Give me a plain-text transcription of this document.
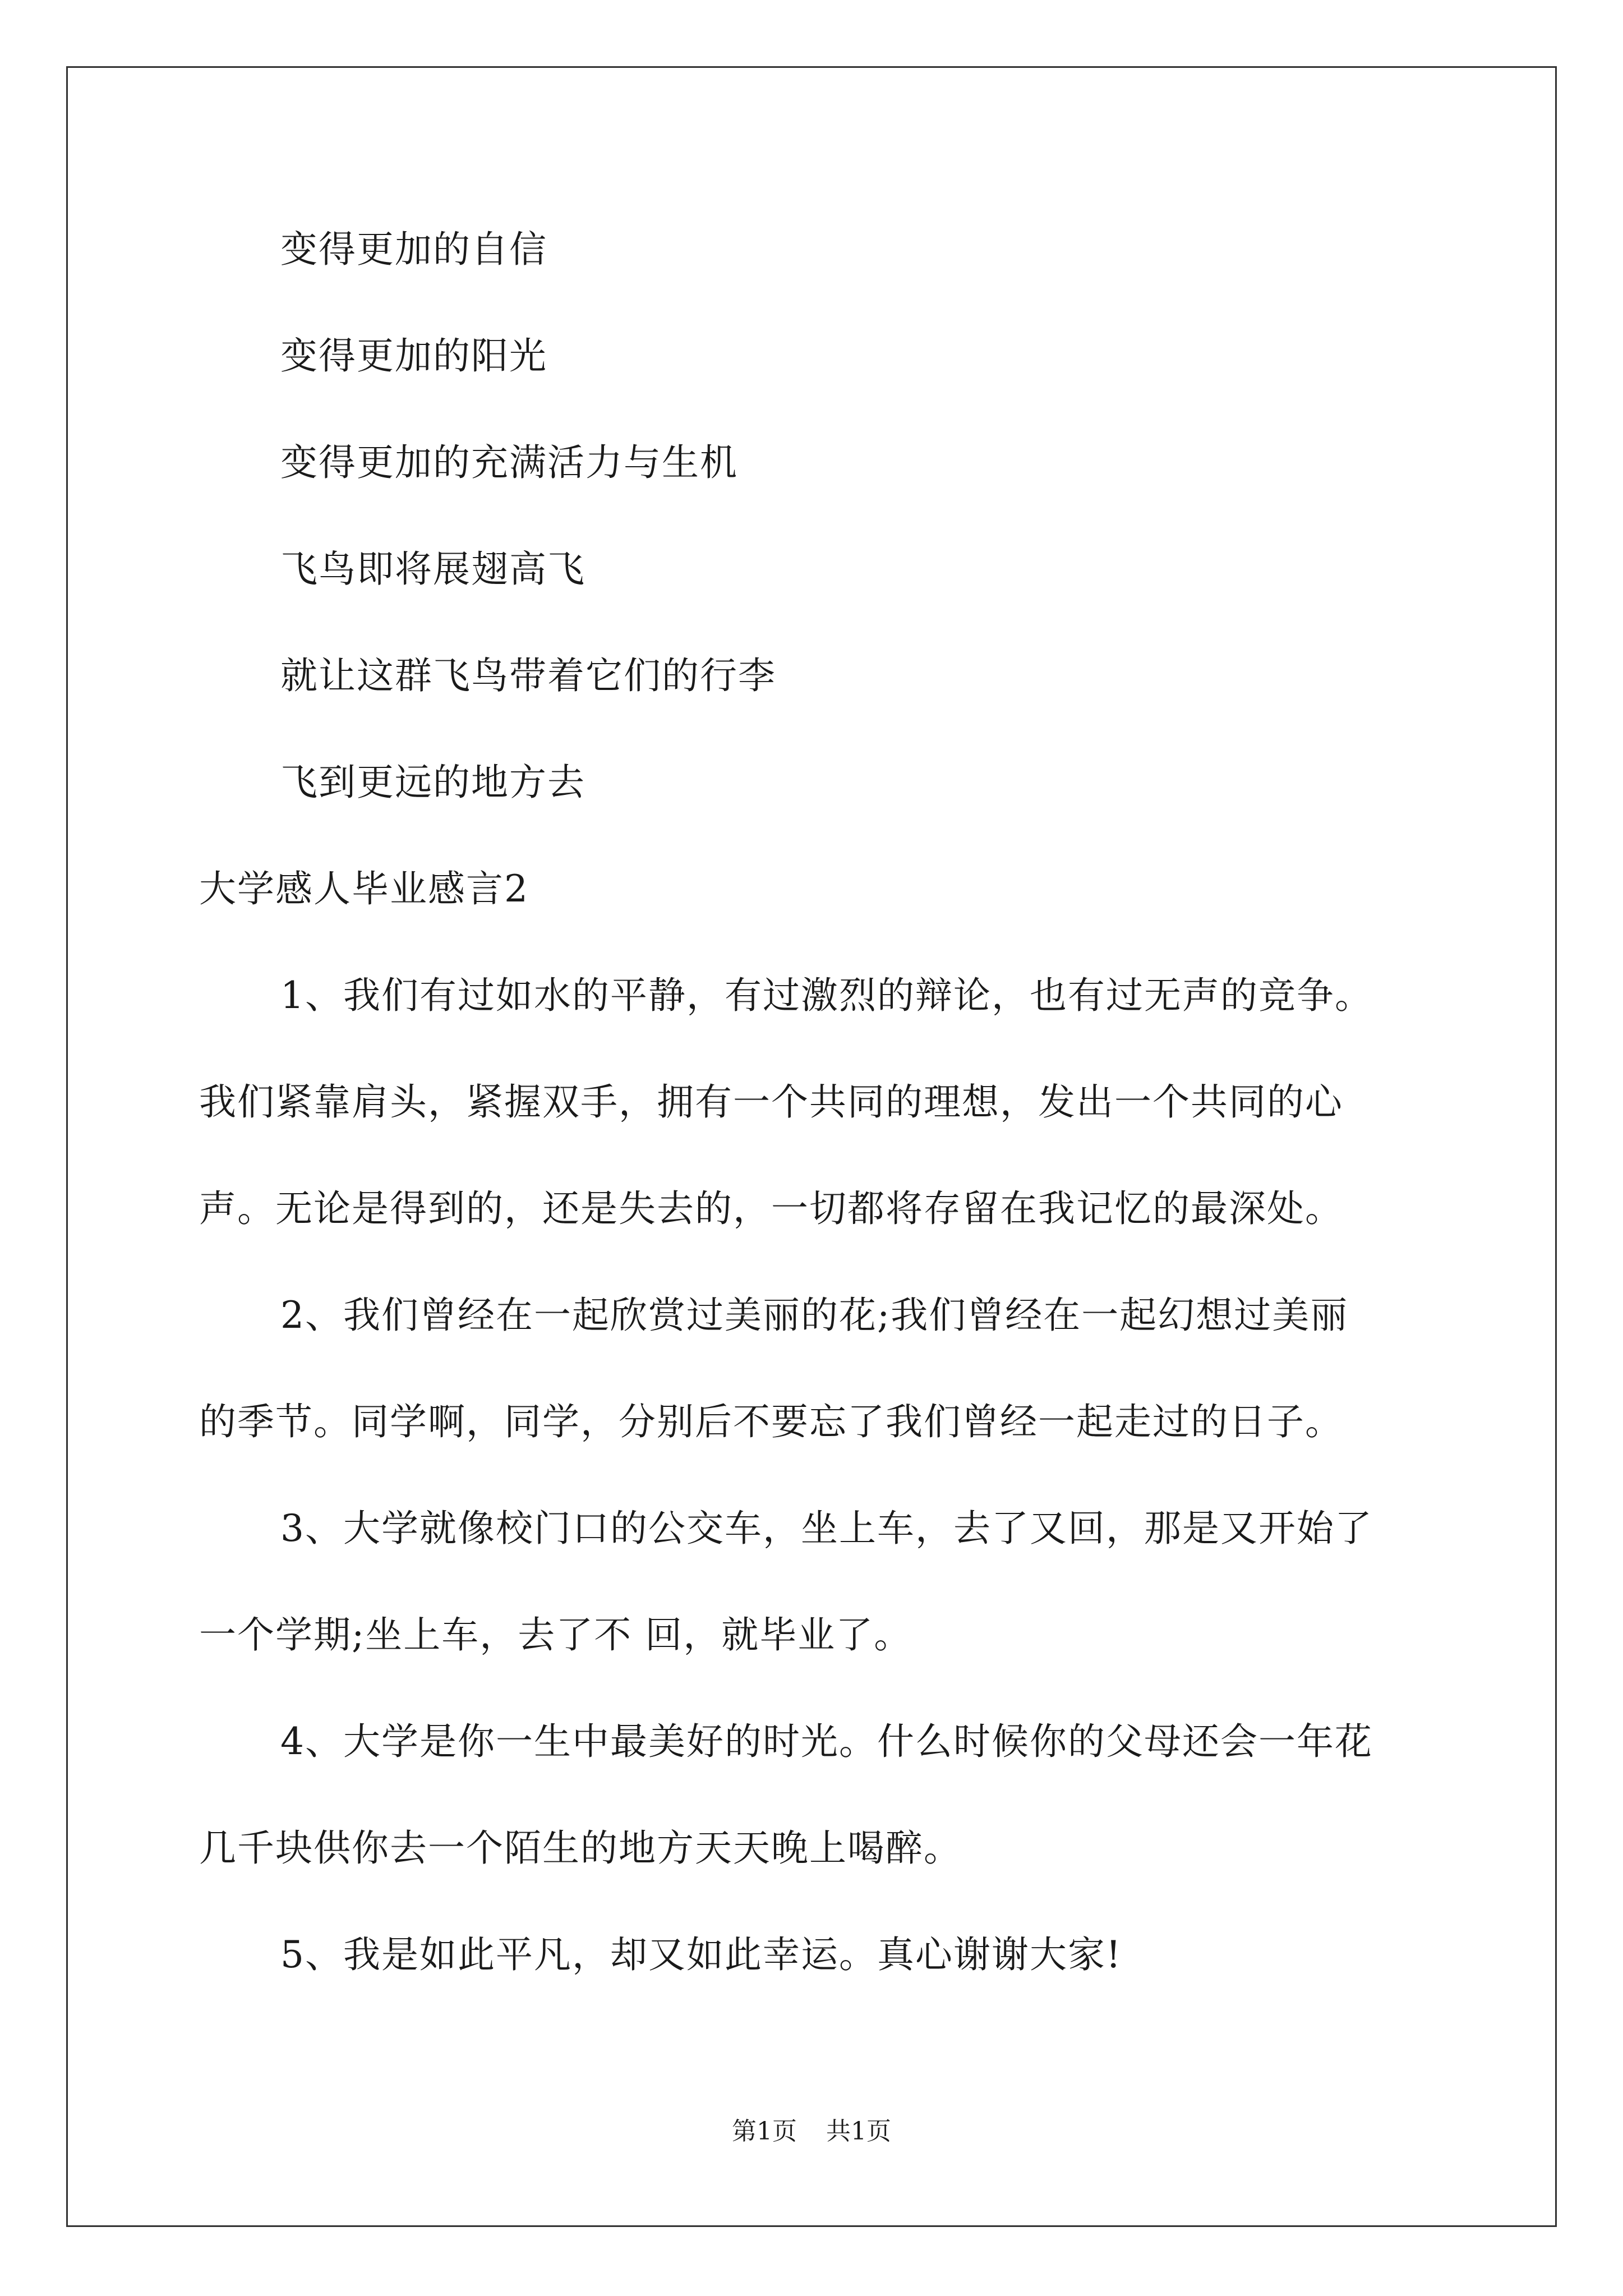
变得更加的自信
变得更加的阳光
变得更加的充满活力与生机
飞鸟即将展翅高飞
就让这群飞鸟带着它们的行李
飞到更远的地方去
大学感人毕业感言2
1、我们有过如水的平静，有过激烈的辩论，也有过无声的竞争。
我们紧靠肩头，紧握双手，拥有一个共同的理想，发出一个共同的心
声。无论是得到的，还是失去的，一切都将存留在我记忆的最深处。
2、我们曾经在一起欣赏过美丽的花;我们曾经在一起幻想过美丽
的季节。同学啊，同学，分别后不要忘了我们曾经一起走过的日子。
3、大学就像校门口的公交车，坐上车，去了又回，那是又开始了
一个学期;坐上车，去了不 回，就毕业了。
4、大学是你一生中最美好的时光。什么时候你的父母还会一年花
几千块供你去一个陌生的地方天天晚上喝醉。
5、我是如此平凡，却又如此幸运。真心谢谢大家!
第1页 共1页
